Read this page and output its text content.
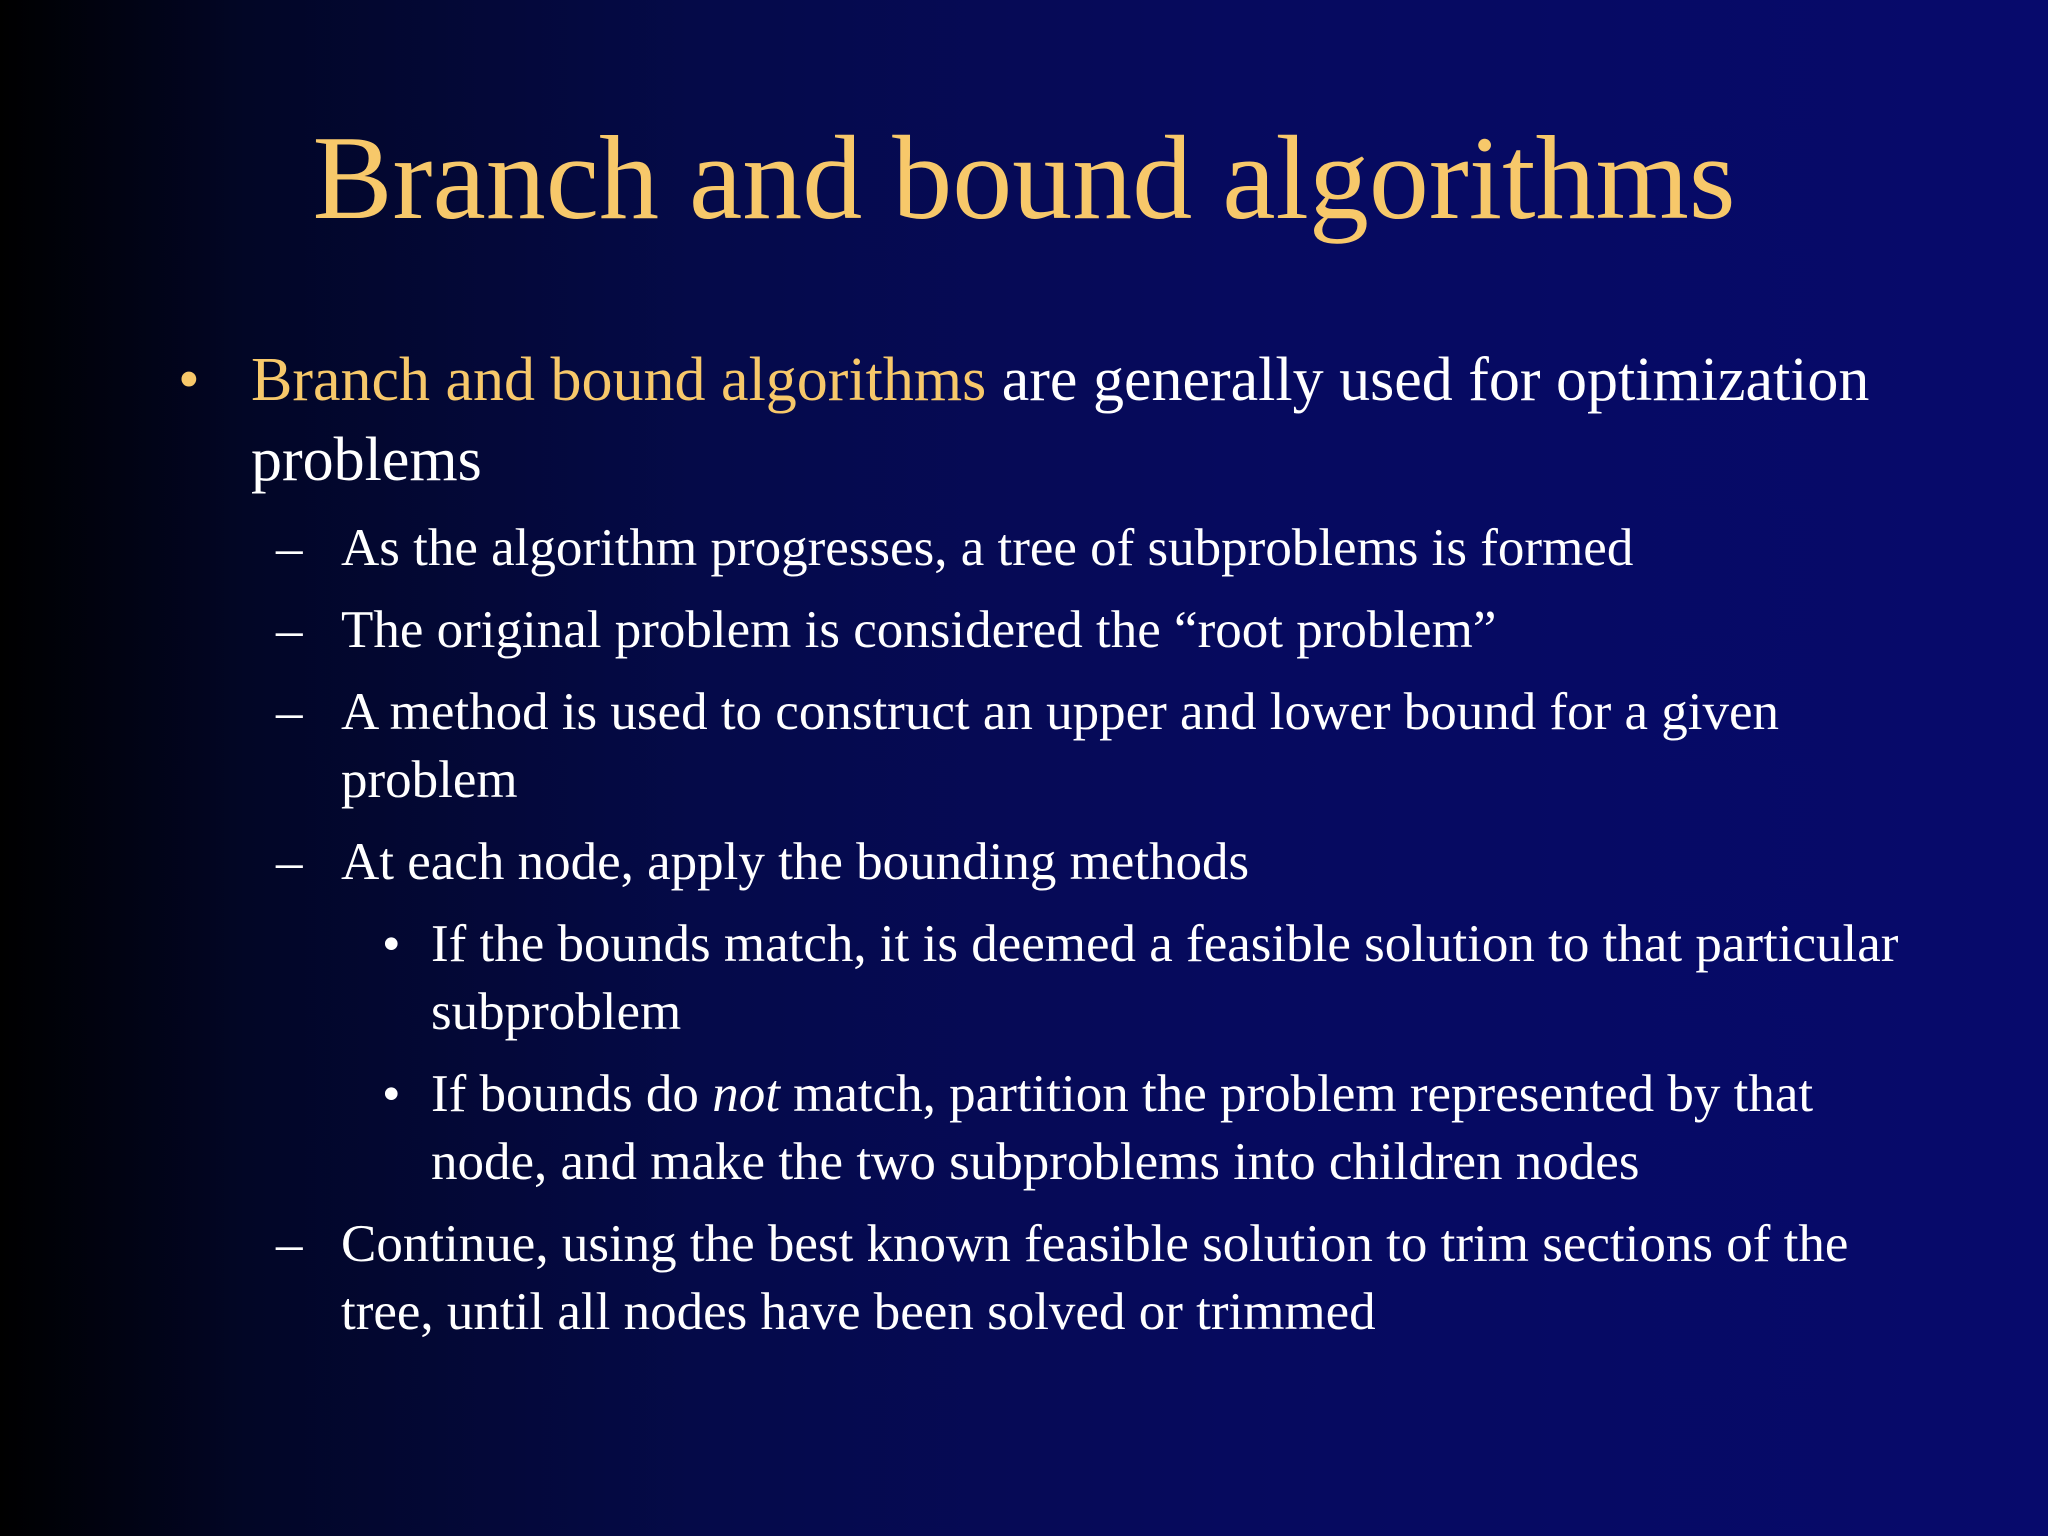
Branch and bound algorithms
• Branch and bound algorithms are generally used for optimization problems
– As the algorithm progresses, a tree of subproblems is formed
– The original problem is considered the “root problem”
– A method is used to construct an upper and lower bound for a given problem
– At each node, apply the bounding methods
• If the bounds match, it is deemed a feasible solution to that particular subproblem
• If bounds do not match, partition the problem represented by that node, and make the two subproblems into children nodes
– Continue, using the best known feasible solution to trim sections of the tree, until all nodes have been solved or trimmed
